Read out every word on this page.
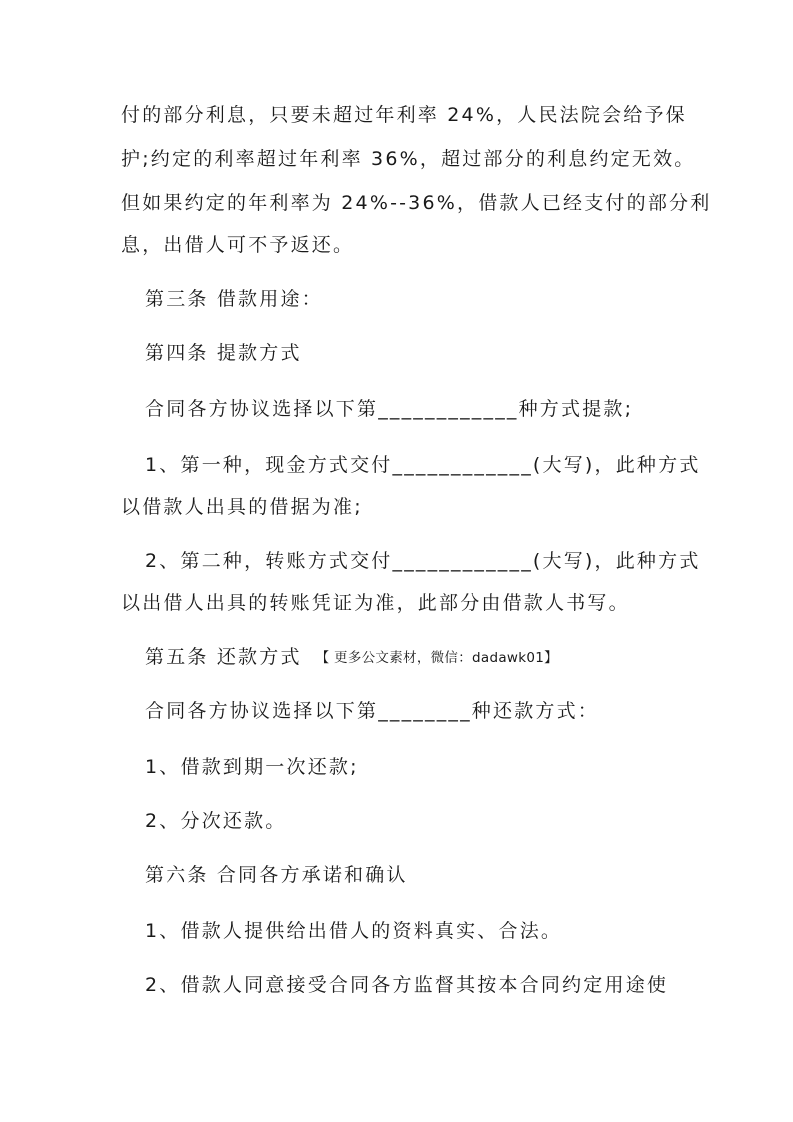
付的部分利息，只要未超过年利率 24%，人民法院会给予保
护;约定的利率超过年利率 36%，超过部分的利息约定无效。
但如果约定的年利率为 24%--36%，借款人已经支付的部分利
息，出借人可不予返还。
第三条 借款用途：
第四条 提款方式
合同各方协议选择以下第____________种方式提款;
1、第一种，现金方式交付____________(大写)，此种方式
以借款人出具的借据为准;
2、第二种，转账方式交付____________(大写)，此种方式
以出借人出具的转账凭证为准，此部分由借款人书写。
第五条 还款方式 【 更多公文素材，微信：dadawk01】
合同各方协议选择以下第________种还款方式：
1、借款到期一次还款;
2、分次还款。
第六条 合同各方承诺和确认
1、借款人提供给出借人的资料真实、合法。
2、借款人同意接受合同各方监督其按本合同约定用途使
